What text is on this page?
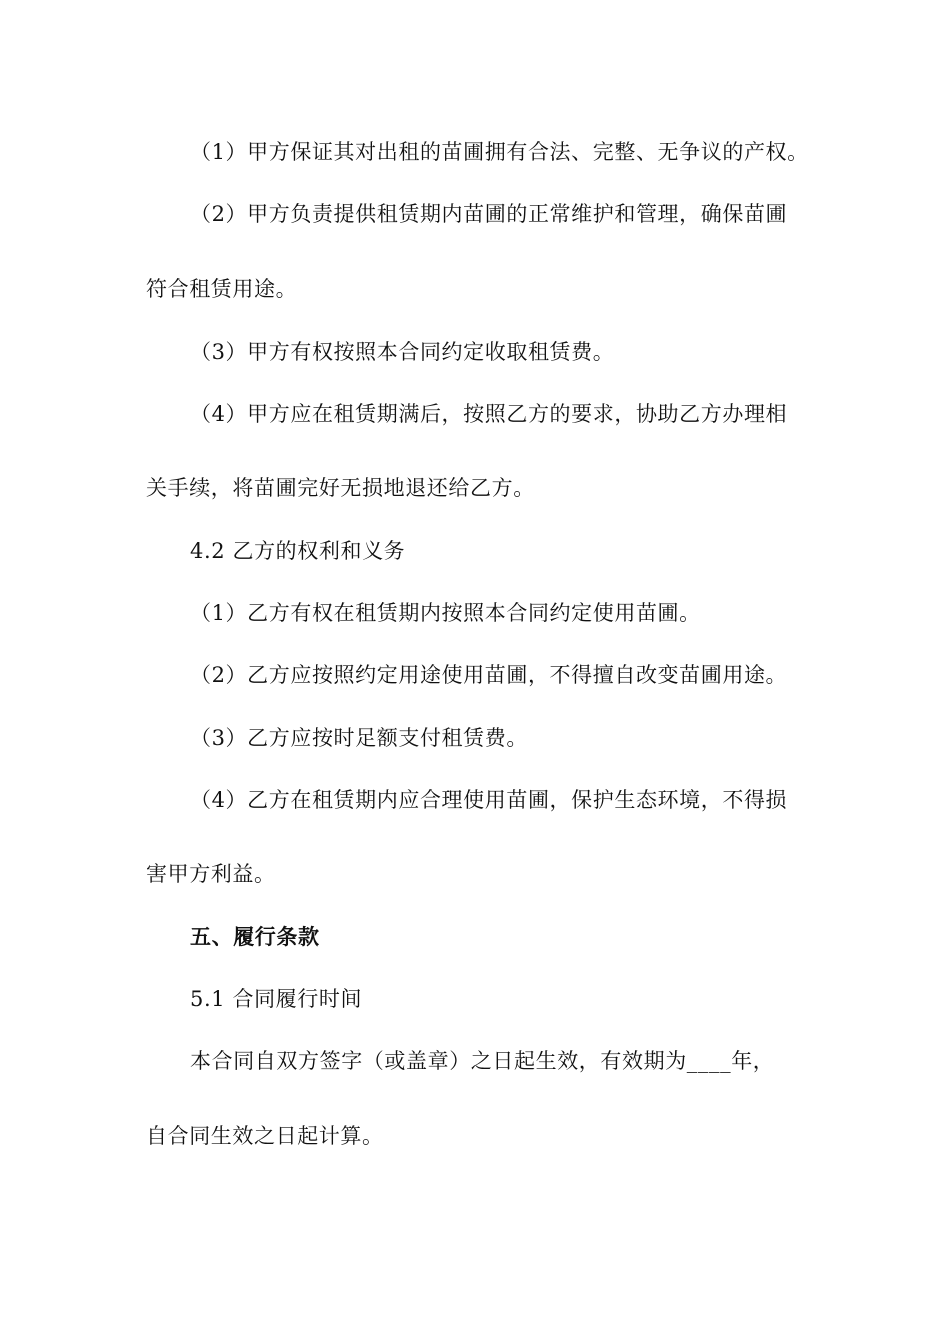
（1）甲方保证其对出租的苗圃拥有合法、完整、无争议的产权。
（2）甲方负责提供租赁期内苗圃的正常维护和管理，确保苗圃
符合租赁用途。
（3）甲方有权按照本合同约定收取租赁费。
（4）甲方应在租赁期满后，按照乙方的要求，协助乙方办理相
关手续，将苗圃完好无损地退还给乙方。
4.2 乙方的权利和义务
（1）乙方有权在租赁期内按照本合同约定使用苗圃。
（2）乙方应按照约定用途使用苗圃，不得擅自改变苗圃用途。
（3）乙方应按时足额支付租赁费。
（4）乙方在租赁期内应合理使用苗圃，保护生态环境，不得损
害甲方利益。
五、履行条款
5.1 合同履行时间
本合同自双方签字（或盖章）之日起生效，有效期为____年，
自合同生效之日起计算。
